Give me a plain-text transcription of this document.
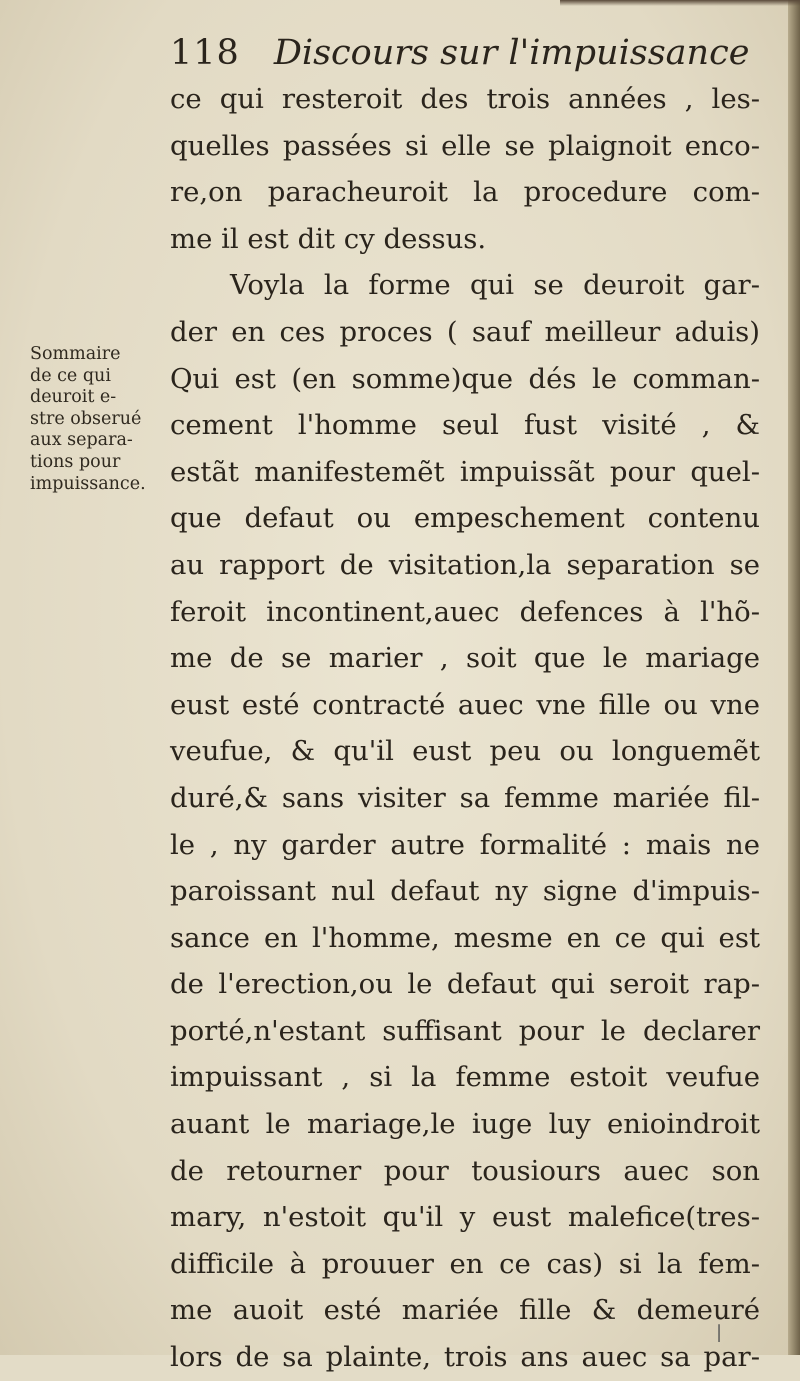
118 Discours sur l'impuissance
Sommaire
de ce qui
deuroit e-
stre obserué
aux separa-
tions pour
impuissance.
ce qui resteroit des trois années , les-
quelles passées si elle se plaignoit enco-
re,on paracheuroit la procedure com-
me il est dit cy dessus.
Voyla la forme qui se deuroit gar-
der en ces proces ( sauf meilleur aduis)
Qui est (en somme)que dés le comman-
cement l'homme seul fust visité , &
estãt manifestemẽt impuissãt pour quel-
que defaut ou empeschement contenu
au rapport de visitation,la separation se
feroit incontinent,auec defences à l'hõ-
me de se marier , soit que le mariage
eust esté contracté auec vne fille ou vne
veufue, & qu'il eust peu ou longuemẽt
duré,& sans visiter sa femme mariée fil-
le , ny garder autre formalité : mais ne
paroissant nul defaut ny signe d'impuis-
sance en l'homme, mesme en ce qui est
de l'erection,ou le defaut qui seroit rap-
porté,n'estant suffisant pour le declarer
impuissant , si la femme estoit veufue
auant le mariage,le iuge luy enioindroit
de retourner pour tousiours auec son
mary, n'estoit qu'il y eust malefice(tres-
difficile à prouuer en ce cas) si la fem-
me auoit esté mariée fille & demeuré
lors de sa plainte, trois ans auec sa par-
|
